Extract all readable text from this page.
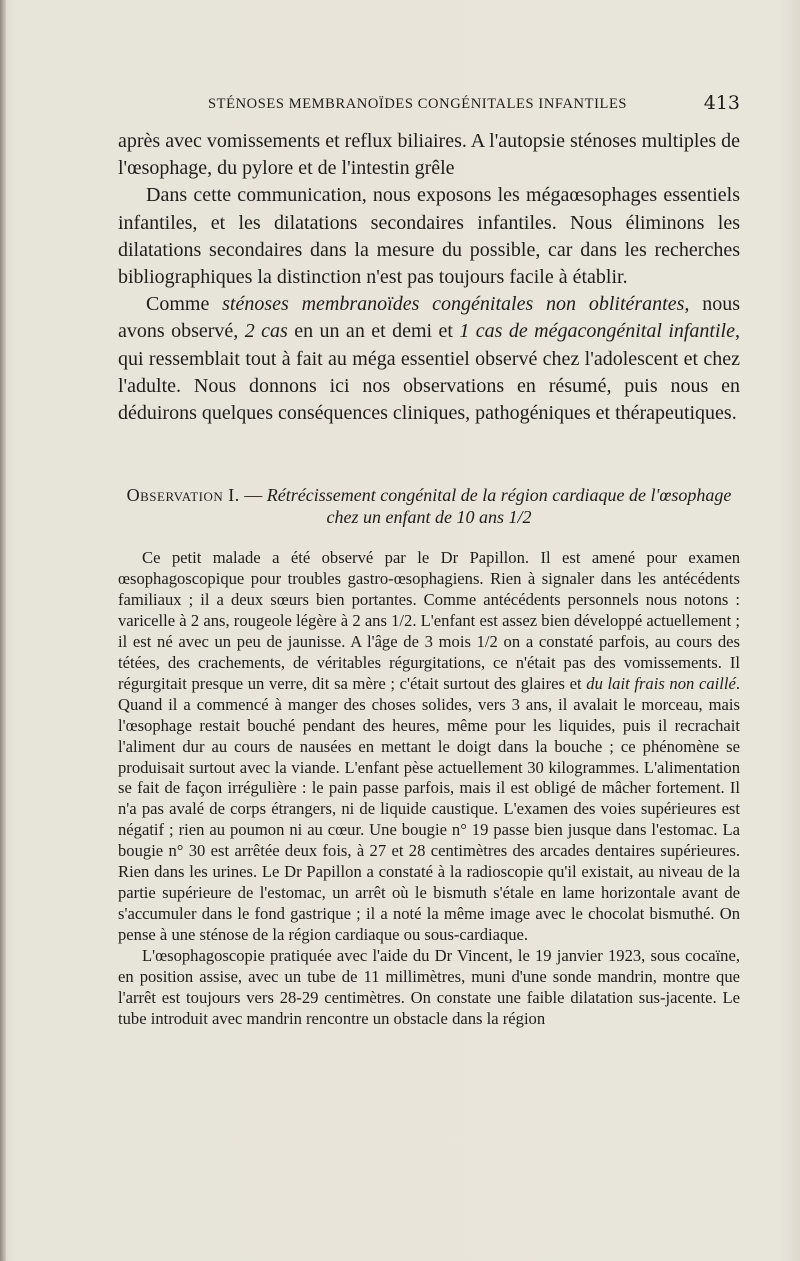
STÉNOSES MEMBRANOÏDES CONGÉNITALES INFANTILES	413

après avec vomissements et reflux biliaires. A l'autopsie sténoses multiples de l'œsophage, du pylore et de l'intestin grêle

Dans cette communication, nous exposons les mégaœsophages essentiels infantiles, et les dilatations secondaires infantiles. Nous éliminons les dilatations secondaires dans la mesure du possible, car dans les recherches bibliographiques la distinction n'est pas toujours facile à établir.

Comme sténoses membranoïdes congénitales non oblitérantes, nous avons observé, 2 cas en un an et demi et 1 cas de mégacongénital infantile, qui ressemblait tout à fait au méga essentiel observé chez l'adolescent et chez l'adulte. Nous donnons ici nos observations en résumé, puis nous en déduirons quelques conséquences cliniques, pathogéniques et thérapeutiques.

Observation I. — Rétrécissement congénital de la région cardiaque de l'œsophage chez un enfant de 10 ans 1/2

Ce petit malade a été observé par le Dr Papillon. Il est amené pour examen œsophagoscopique pour troubles gastro-œsophagiens. Rien à signaler dans les antécédents familiaux ; il a deux sœurs bien portantes. Comme antécédents personnels nous notons : varicelle à 2 ans, rougeole légère à 2 ans 1/2. L'enfant est assez bien développé actuellement ; il est né avec un peu de jaunisse. A l'âge de 3 mois 1/2 on a constaté parfois, au cours des tétées, des crachements, de véritables régurgitations, ce n'était pas des vomissements. Il régurgitait presque un verre, dit sa mère ; c'était surtout des glaires et du lait frais non caillé. Quand il a commencé à manger des choses solides, vers 3 ans, il avalait le morceau, mais l'œsophage restait bouché pendant des heures, même pour les liquides, puis il recrachait l'aliment dur au cours de nausées en mettant le doigt dans la bouche ; ce phénomène se produisait surtout avec la viande. L'enfant pèse actuellement 30 kilogrammes. L'alimentation se fait de façon irrégulière : le pain passe parfois, mais il est obligé de mâcher fortement. Il n'a pas avalé de corps étrangers, ni de liquide caustique. L'examen des voies supérieures est négatif ; rien au poumon ni au cœur. Une bougie n° 19 passe bien jusque dans l'estomac. La bougie n° 30 est arrêtée deux fois, à 27 et 28 centimètres des arcades dentaires supérieures. Rien dans les urines. Le Dr Papillon a constaté à la radioscopie qu'il existait, au niveau de la partie supérieure de l'estomac, un arrêt où le bismuth s'étale en lame horizontale avant de s'accumuler dans le fond gastrique ; il a noté la même image avec le chocolat bismuthé. On pense à une sténose de la région cardiaque ou sous-cardiaque.

L'œsophagoscopie pratiquée avec l'aide du Dr Vincent, le 19 janvier 1923, sous cocaïne, en position assise, avec un tube de 11 millimètres, muni d'une sonde mandrin, montre que l'arrêt est toujours vers 28-29 centimètres. On constate une faible dilatation sus-jacente. Le tube introduit avec mandrin rencontre un obstacle dans la région
